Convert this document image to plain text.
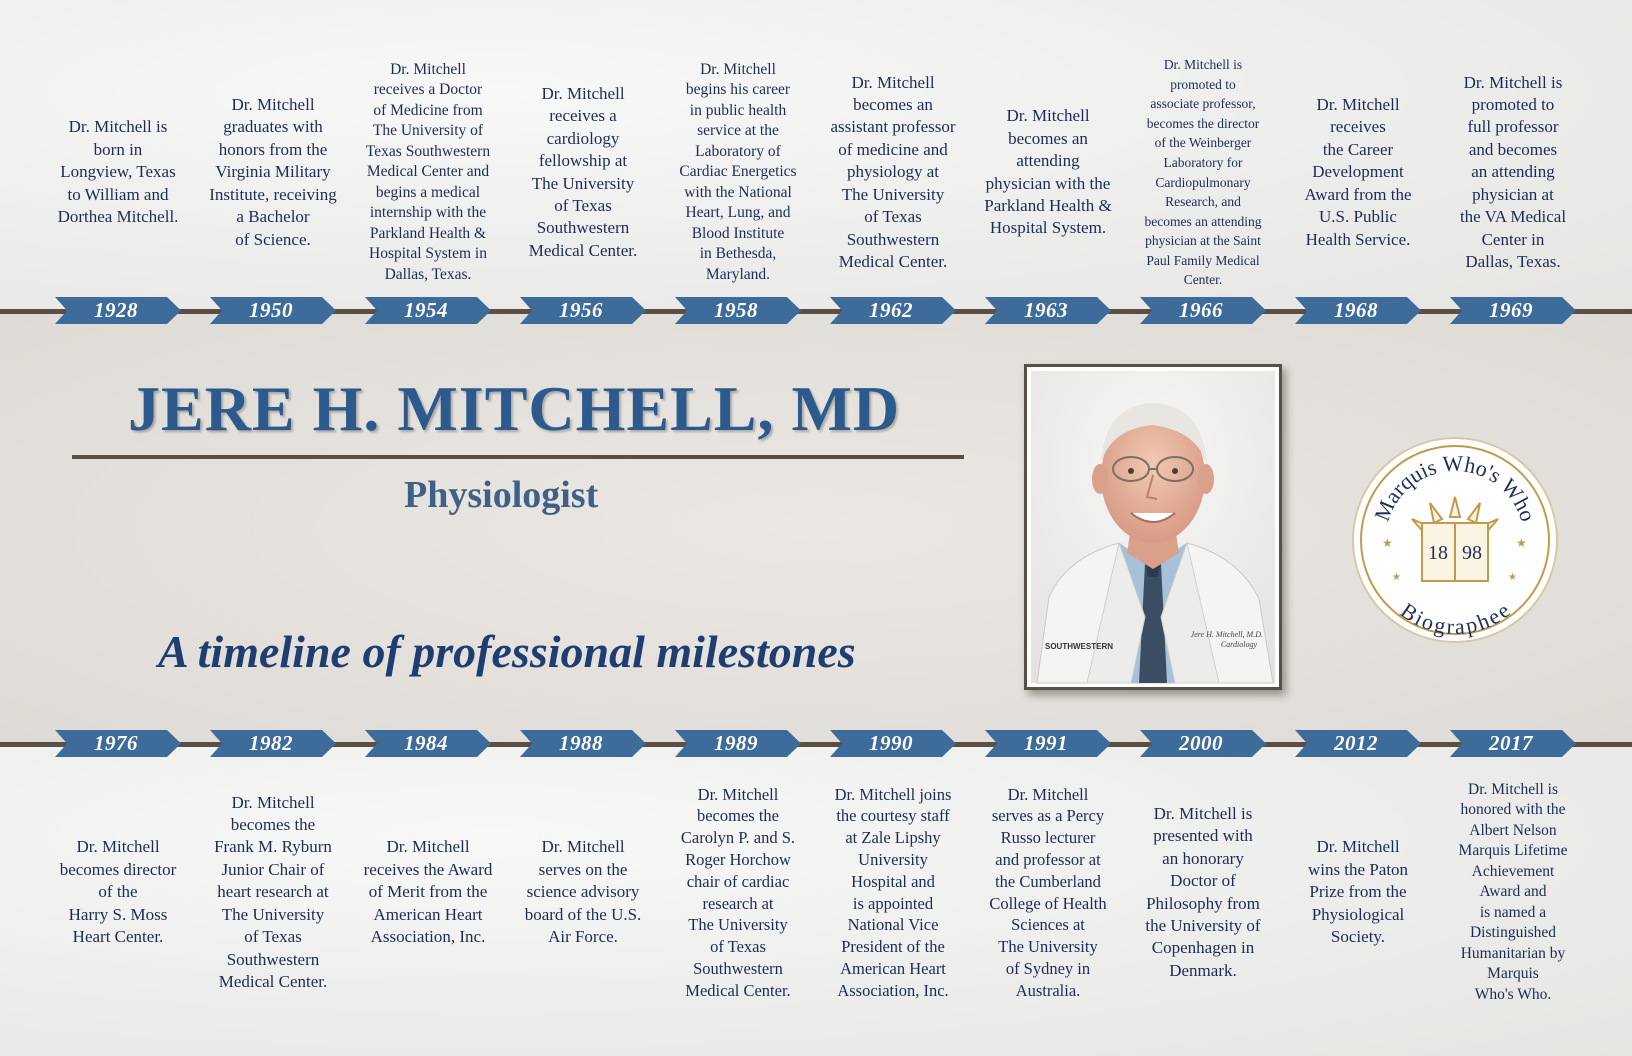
1928
Dr. Mitchell is
born in
Longview, Texas
to William and
Dorthea Mitchell.
1950
Dr. Mitchell
graduates with
honors from the
Virginia Military
Institute, receiving
a Bachelor
of Science.
1954
Dr. Mitchell
receives a Doctor
of Medicine from
The University of
Texas Southwestern
Medical Center and
begins a medical
internship with the
Parkland Health &
Hospital System in
Dallas, Texas.
1956
Dr. Mitchell
receives a
cardiology
fellowship at
The University
of Texas
Southwestern
Medical Center.
1958
Dr. Mitchell
begins his career
in public health
service at the
Laboratory of
Cardiac Energetics
with the National
Heart, Lung, and
Blood Institute
in Bethesda,
Maryland.
1962
Dr. Mitchell
becomes an
assistant professor
of medicine and
physiology at
The University
of Texas
Southwestern
Medical Center.
1963
Dr. Mitchell
becomes an
attending
physician with the
Parkland Health &
Hospital System.
1966
Dr. Mitchell is
promoted to
associate professor,
becomes the director
of the Weinberger
Laboratory for
Cardiopulmonary
Research, and
becomes an attending
physician at the Saint
Paul Family Medical
Center.
1968
Dr. Mitchell
receives
the Career
Development
Award from the
U.S. Public
Health Service.
1969
Dr. Mitchell is
promoted to
full professor
and becomes
an attending
physician at
the VA Medical
Center in
Dallas, Texas.
1976
Dr. Mitchell
becomes director
of the
Harry S. Moss
Heart Center.
1982
Dr. Mitchell
becomes the
Frank M. Ryburn
Junior Chair of
heart research at
The University
of Texas
Southwestern
Medical Center.
1984
Dr. Mitchell
receives the Award
of Merit from the
American Heart
Association, Inc.
1988
Dr. Mitchell
serves on the
science advisory
board of the U.S.
Air Force.
1989
Dr. Mitchell
becomes the
Carolyn P. and S.
Roger Horchow
chair of cardiac
research at
The University
of Texas
Southwestern
Medical Center.
1990
Dr. Mitchell joins
the courtesy staff
at Zale Lipshy
University
Hospital and
is appointed
National Vice
President of the
American Heart
Association, Inc.
1991
Dr. Mitchell
serves as a Percy
Russo lecturer
and professor at
the Cumberland
College of Health
Sciences at
The University
of Sydney in
Australia.
2000
Dr. Mitchell is
presented with
an honorary
Doctor of
Philosophy from
the University of
Copenhagen in
Denmark.
2012
Dr. Mitchell
wins the Paton
Prize from the
Physiological
Society.
2017
Dr. Mitchell is
honored with the
Albert Nelson
Marquis Lifetime
Achievement
Award and
is named a
Distinguished
Humanitarian by
Marquis
Who's Who.
JERE H. MITCHELL, MD
Physiologist
A timeline of professional milestones	SOUTHWESTERN
Jere H. Mitchell, M.D.
Cardiology
18 98
Marquis Who's Who
Biographee
★	★
★	★
